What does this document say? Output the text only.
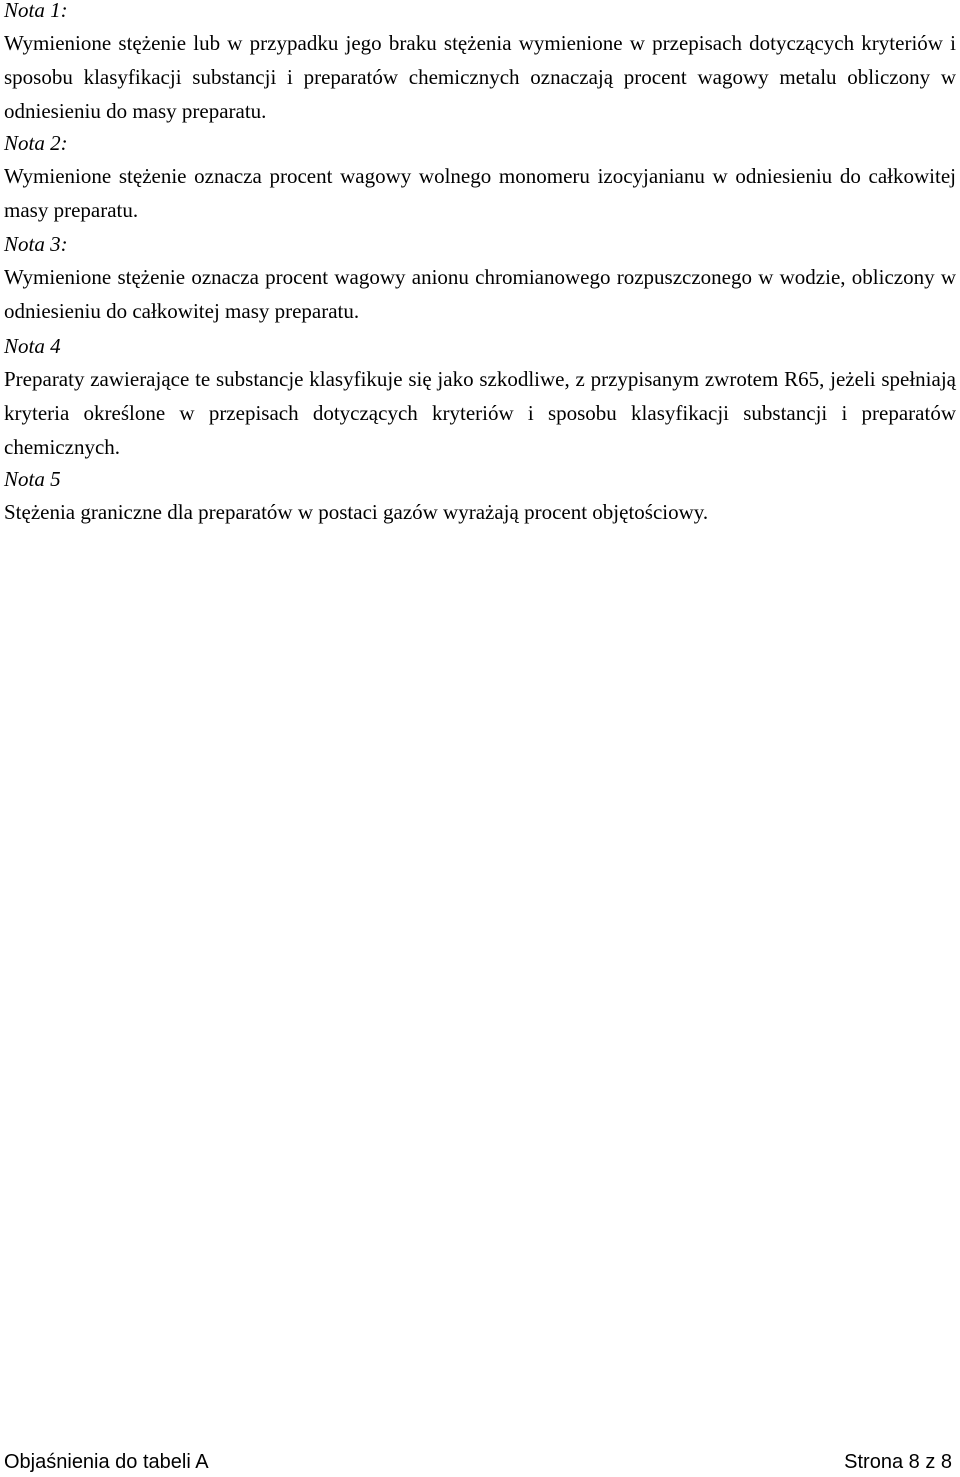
Nota 1:

Wymienione stężenie lub w przypadku jego braku stężenia wymienione w przepisach dotyczących kryteriów i sposobu klasyfikacji substancji i preparatów chemicznych oznaczają procent wagowy metalu obliczony w odniesieniu do masy preparatu.

Nota 2:

Wymienione stężenie oznacza procent wagowy wolnego monomeru izocyjanianu w odniesieniu do całkowitej masy preparatu.

Nota 3:

Wymienione stężenie oznacza procent wagowy anionu chromianowego rozpuszczonego w wodzie, obliczony w odniesieniu do całkowitej masy preparatu.

Nota 4

Preparaty zawierające te substancje klasyfikuje się jako szkodliwe, z przypisanym zwrotem R65, jeżeli spełniają kryteria określone w przepisach dotyczących kryteriów i sposobu klasyfikacji substancji i preparatów chemicznych.

Nota 5

Stężenia graniczne dla preparatów w postaci gazów wyrażają procent objętościowy.

Objaśnienia do tabeli A	Strona 8 z 8
